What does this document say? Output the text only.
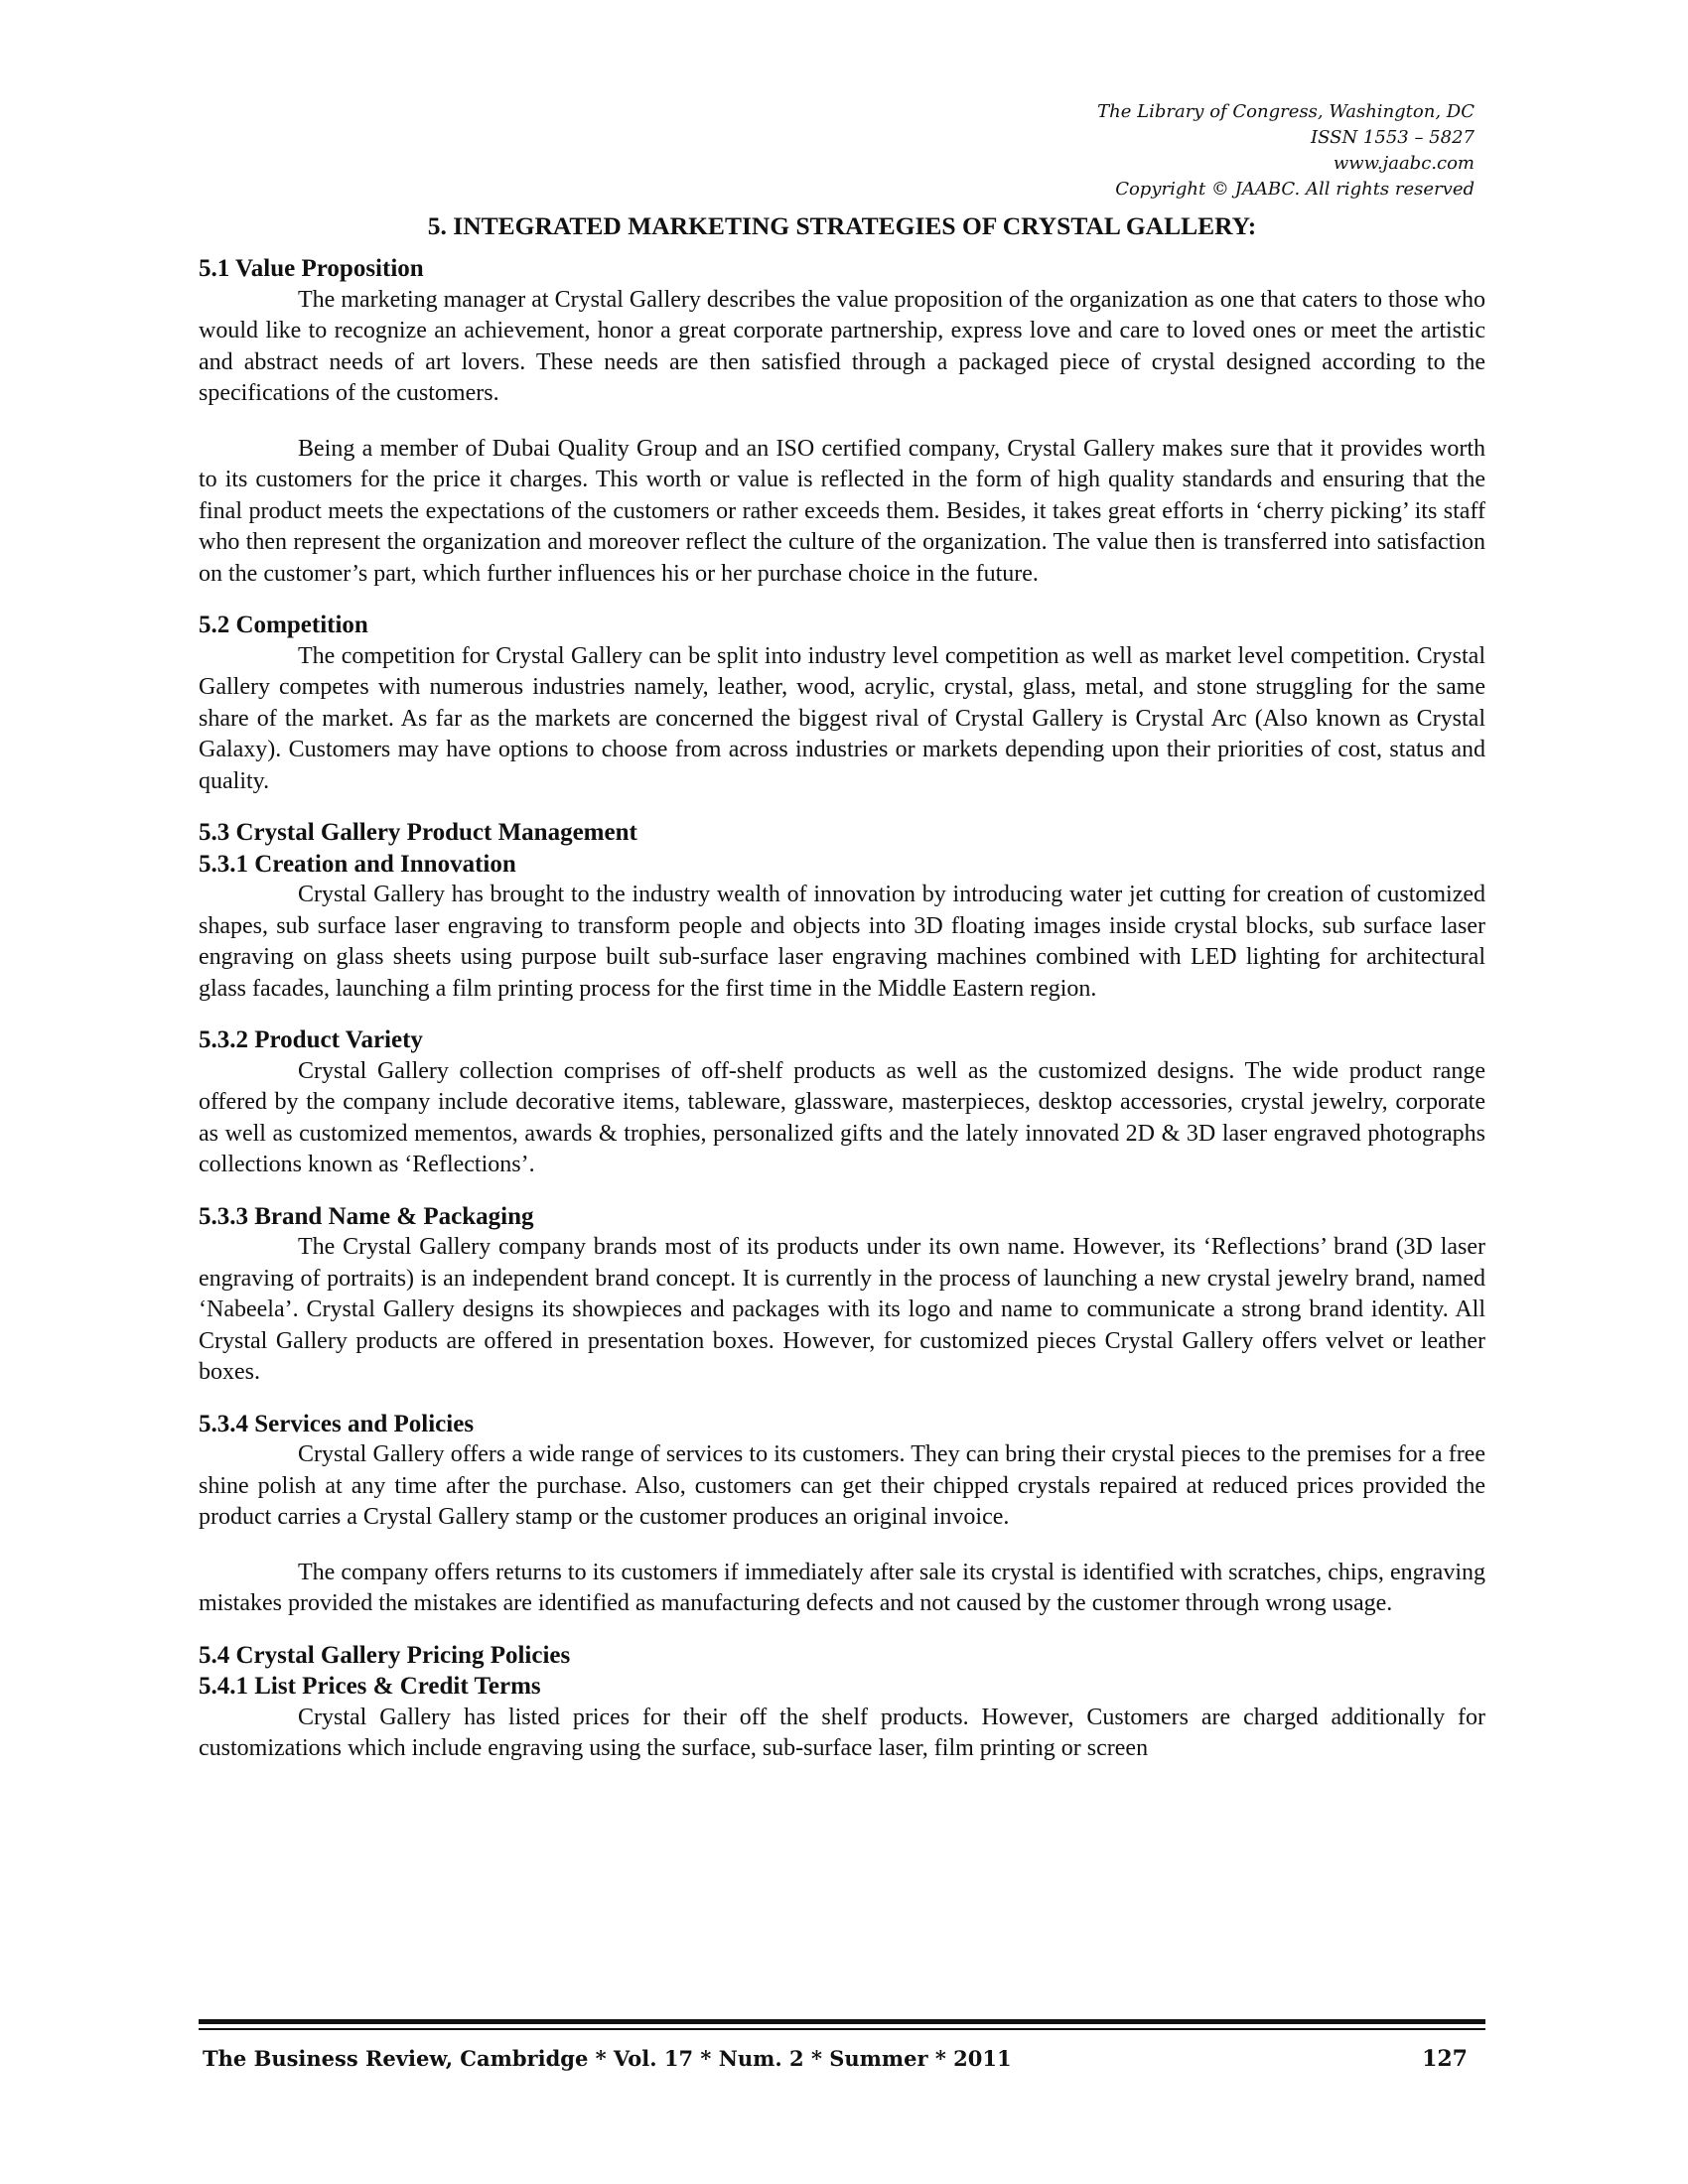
The Library of Congress, Washington, DC
ISSN 1553 – 5827
www.jaabc.com
Copyright © JAABC. All rights reserved
5. INTEGRATED MARKETING STRATEGIES OF CRYSTAL GALLERY:
5.1 Value Proposition

The marketing manager at Crystal Gallery describes the value proposition of the organization as one that caters to those who would like to recognize an achievement, honor a great corporate partnership, express love and care to loved ones or meet the artistic and abstract needs of art lovers. These needs are then satisfied through a packaged piece of crystal designed according to the specifications of the customers.

Being a member of Dubai Quality Group and an ISO certified company, Crystal Gallery makes sure that it provides worth to its customers for the price it charges. This worth or value is reflected in the form of high quality standards and ensuring that the final product meets the expectations of the customers or rather exceeds them. Besides, it takes great efforts in ‘cherry picking’ its staff who then represent the organization and moreover reflect the culture of the organization. The value then is transferred into satisfaction on the customer’s part, which further influences his or her purchase choice in the future.

5.2 Competition

The competition for Crystal Gallery can be split into industry level competition as well as market level competition. Crystal Gallery competes with numerous industries namely, leather, wood, acrylic, crystal, glass, metal, and stone struggling for the same share of the market. As far as the markets are concerned the biggest rival of Crystal Gallery is Crystal Arc (Also known as Crystal Galaxy). Customers may have options to choose from across industries or markets depending upon their priorities of cost, status and quality.

5.3 Crystal Gallery Product Management
5.3.1 Creation and Innovation

Crystal Gallery has brought to the industry wealth of innovation by introducing water jet cutting for creation of customized shapes, sub surface laser engraving to transform people and objects into 3D floating images inside crystal blocks, sub surface laser engraving on glass sheets using purpose built sub-surface laser engraving machines combined with LED lighting for architectural glass facades, launching a film printing process for the first time in the Middle Eastern region.

5.3.2 Product Variety

Crystal Gallery collection comprises of off-shelf products as well as the customized designs. The wide product range offered by the company include decorative items, tableware, glassware, masterpieces, desktop accessories, crystal jewelry, corporate as well as customized mementos, awards & trophies, personalized gifts and the lately innovated 2D & 3D laser engraved photographs collections known as ‘Reflections’.

5.3.3 Brand Name & Packaging

The Crystal Gallery company brands most of its products under its own name. However, its ‘Reflections’ brand (3D laser engraving of portraits) is an independent brand concept. It is currently in the process of launching a new crystal jewelry brand, named ‘Nabeela’. Crystal Gallery designs its showpieces and packages with its logo and name to communicate a strong brand identity. All Crystal Gallery products are offered in presentation boxes. However, for customized pieces Crystal Gallery offers velvet or leather boxes.

5.3.4 Services and Policies

Crystal Gallery offers a wide range of services to its customers. They can bring their crystal pieces to the premises for a free shine polish at any time after the purchase. Also, customers can get their chipped crystals repaired at reduced prices provided the product carries a Crystal Gallery stamp or the customer produces an original invoice.

The company offers returns to its customers if immediately after sale its crystal is identified with scratches, chips, engraving mistakes provided the mistakes are identified as manufacturing defects and not caused by the customer through wrong usage.

5.4 Crystal Gallery Pricing Policies
5.4.1 List Prices & Credit Terms

Crystal Gallery has listed prices for their off the shelf products. However, Customers are charged additionally for customizations which include engraving using the surface, sub-surface laser, film printing or screen

The Business Review, Cambridge * Vol. 17 * Num. 2 * Summer * 2011	127
